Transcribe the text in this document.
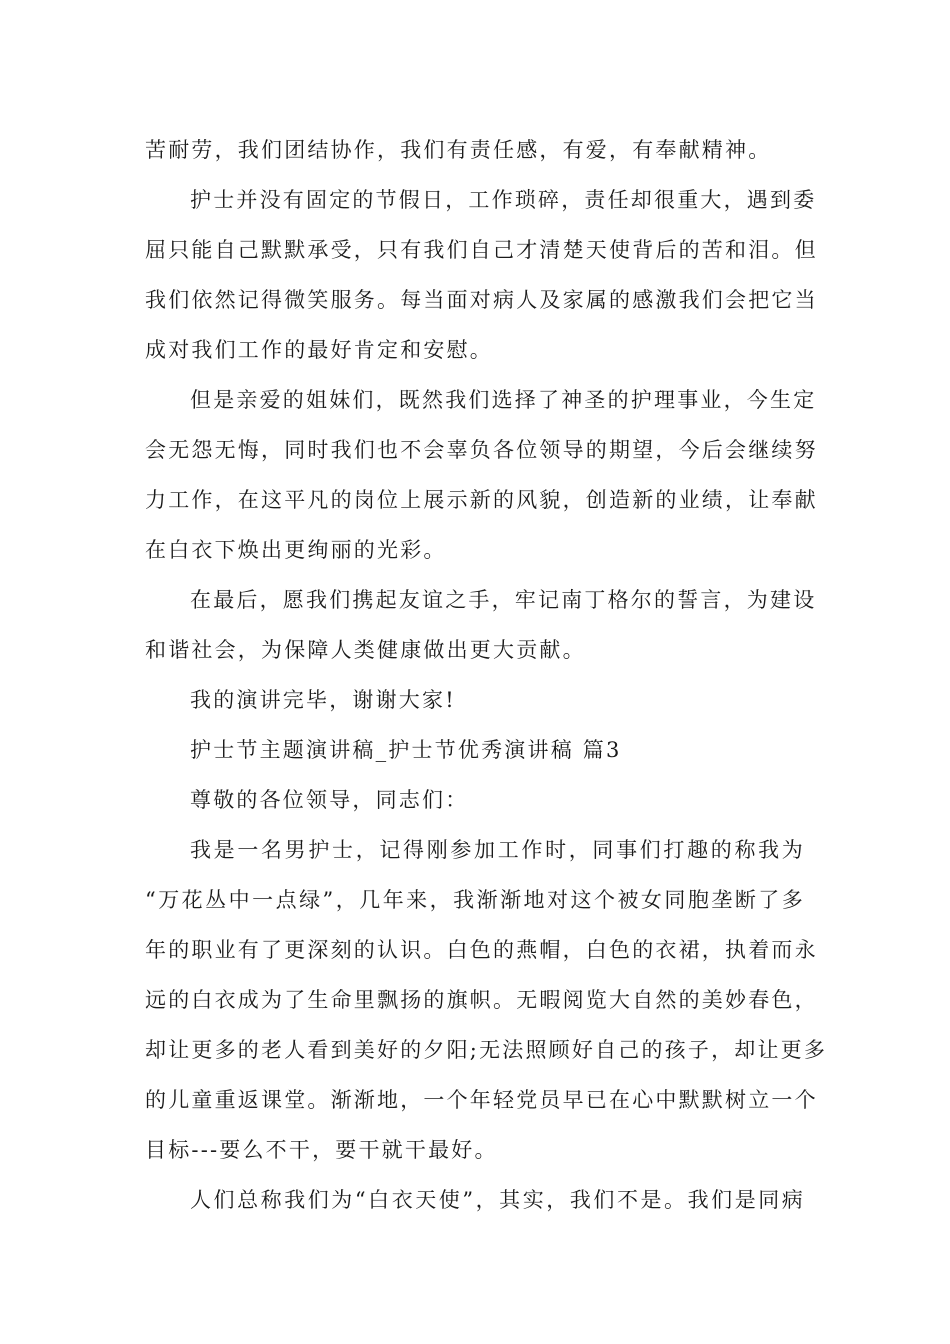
苦耐劳，我们团结协作，我们有责任感，有爱，有奉献精神。
护士并没有固定的节假日，工作琐碎，责任却很重大，遇到委
屈只能自己默默承受，只有我们自己才清楚天使背后的苦和泪。但
我们依然记得微笑服务。每当面对病人及家属的感激我们会把它当
成对我们工作的最好肯定和安慰。
但是亲爱的姐妹们，既然我们选择了神圣的护理事业，今生定
会无怨无悔，同时我们也不会辜负各位领导的期望，今后会继续努
力工作，在这平凡的岗位上展示新的风貌，创造新的业绩，让奉献
在白衣下焕出更绚丽的光彩。
在最后，愿我们携起友谊之手，牢记南丁格尔的誓言，为建设
和谐社会，为保障人类健康做出更大贡献。
我的演讲完毕，谢谢大家!
护士节主题演讲稿_护士节优秀演讲稿 篇3
尊敬的各位领导，同志们：
我是一名男护士，记得刚参加工作时，同事们打趣的称我为
“万花丛中一点绿”，几年来，我渐渐地对这个被女同胞垄断了多
年的职业有了更深刻的认识。白色的燕帽，白色的衣裙，执着而永
远的白衣成为了生命里飘扬的旗帜。无暇阅览大自然的美妙春色，
却让更多的老人看到美好的夕阳;无法照顾好自己的孩子，却让更多
的儿童重返课堂。渐渐地，一个年轻党员早已在心中默默树立一个
目标---要么不干，要干就干最好。
人们总称我们为“白衣天使”，其实，我们不是。我们是同病
